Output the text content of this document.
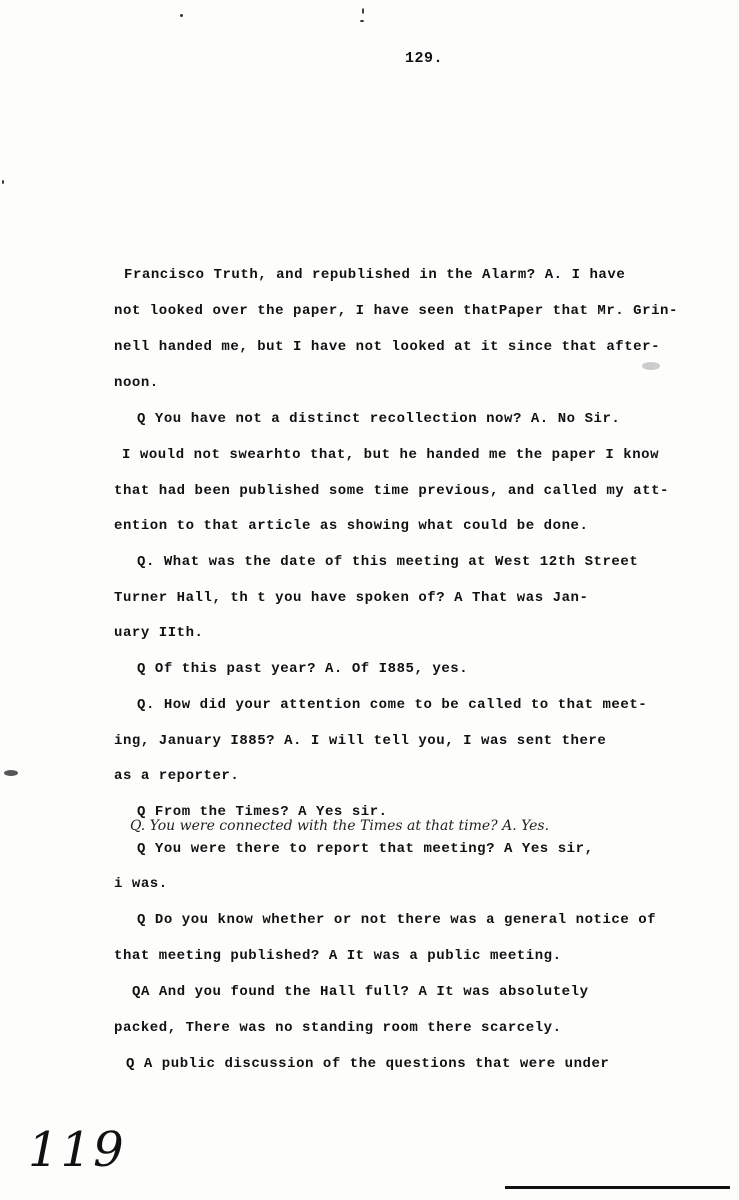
129.
Francisco Truth, and republished in the Alarm? A. I have
not looked over the paper, I have seen thatPaper that Mr. Grin-
nell handed me, but I have not looked at it since that after-
noon.
Q You have not a distinct recollection now? A. No Sir.
I would not swearhto that, but he handed me the paper I know
that had been published some time previous, and called my att-
ention to that article as showing what could be done.
Q. What was the date of this meeting at West 12th Street
Turner Hall, th t you have spoken of? A That was Jan-
uary IIth.
Q Of this past year? A. Of I885, yes.
Q. How did your attention come to be called to that meet-
ing, January I885? A. I will tell you, I was sent there
as a reporter.
Q From the Times? A Yes sir.
Q. You were connected with the Times at that time? A. Yes.
Q You were there to report that meeting? A Yes sir,
i was.
Q Do you know whether or not there was a general notice of
that meeting published? A It was a public meeting.
QA And you found the Hall full? A It was absolutely
packed, There was no standing room there scarcely.
Q A public discussion of the questions that were under
119
